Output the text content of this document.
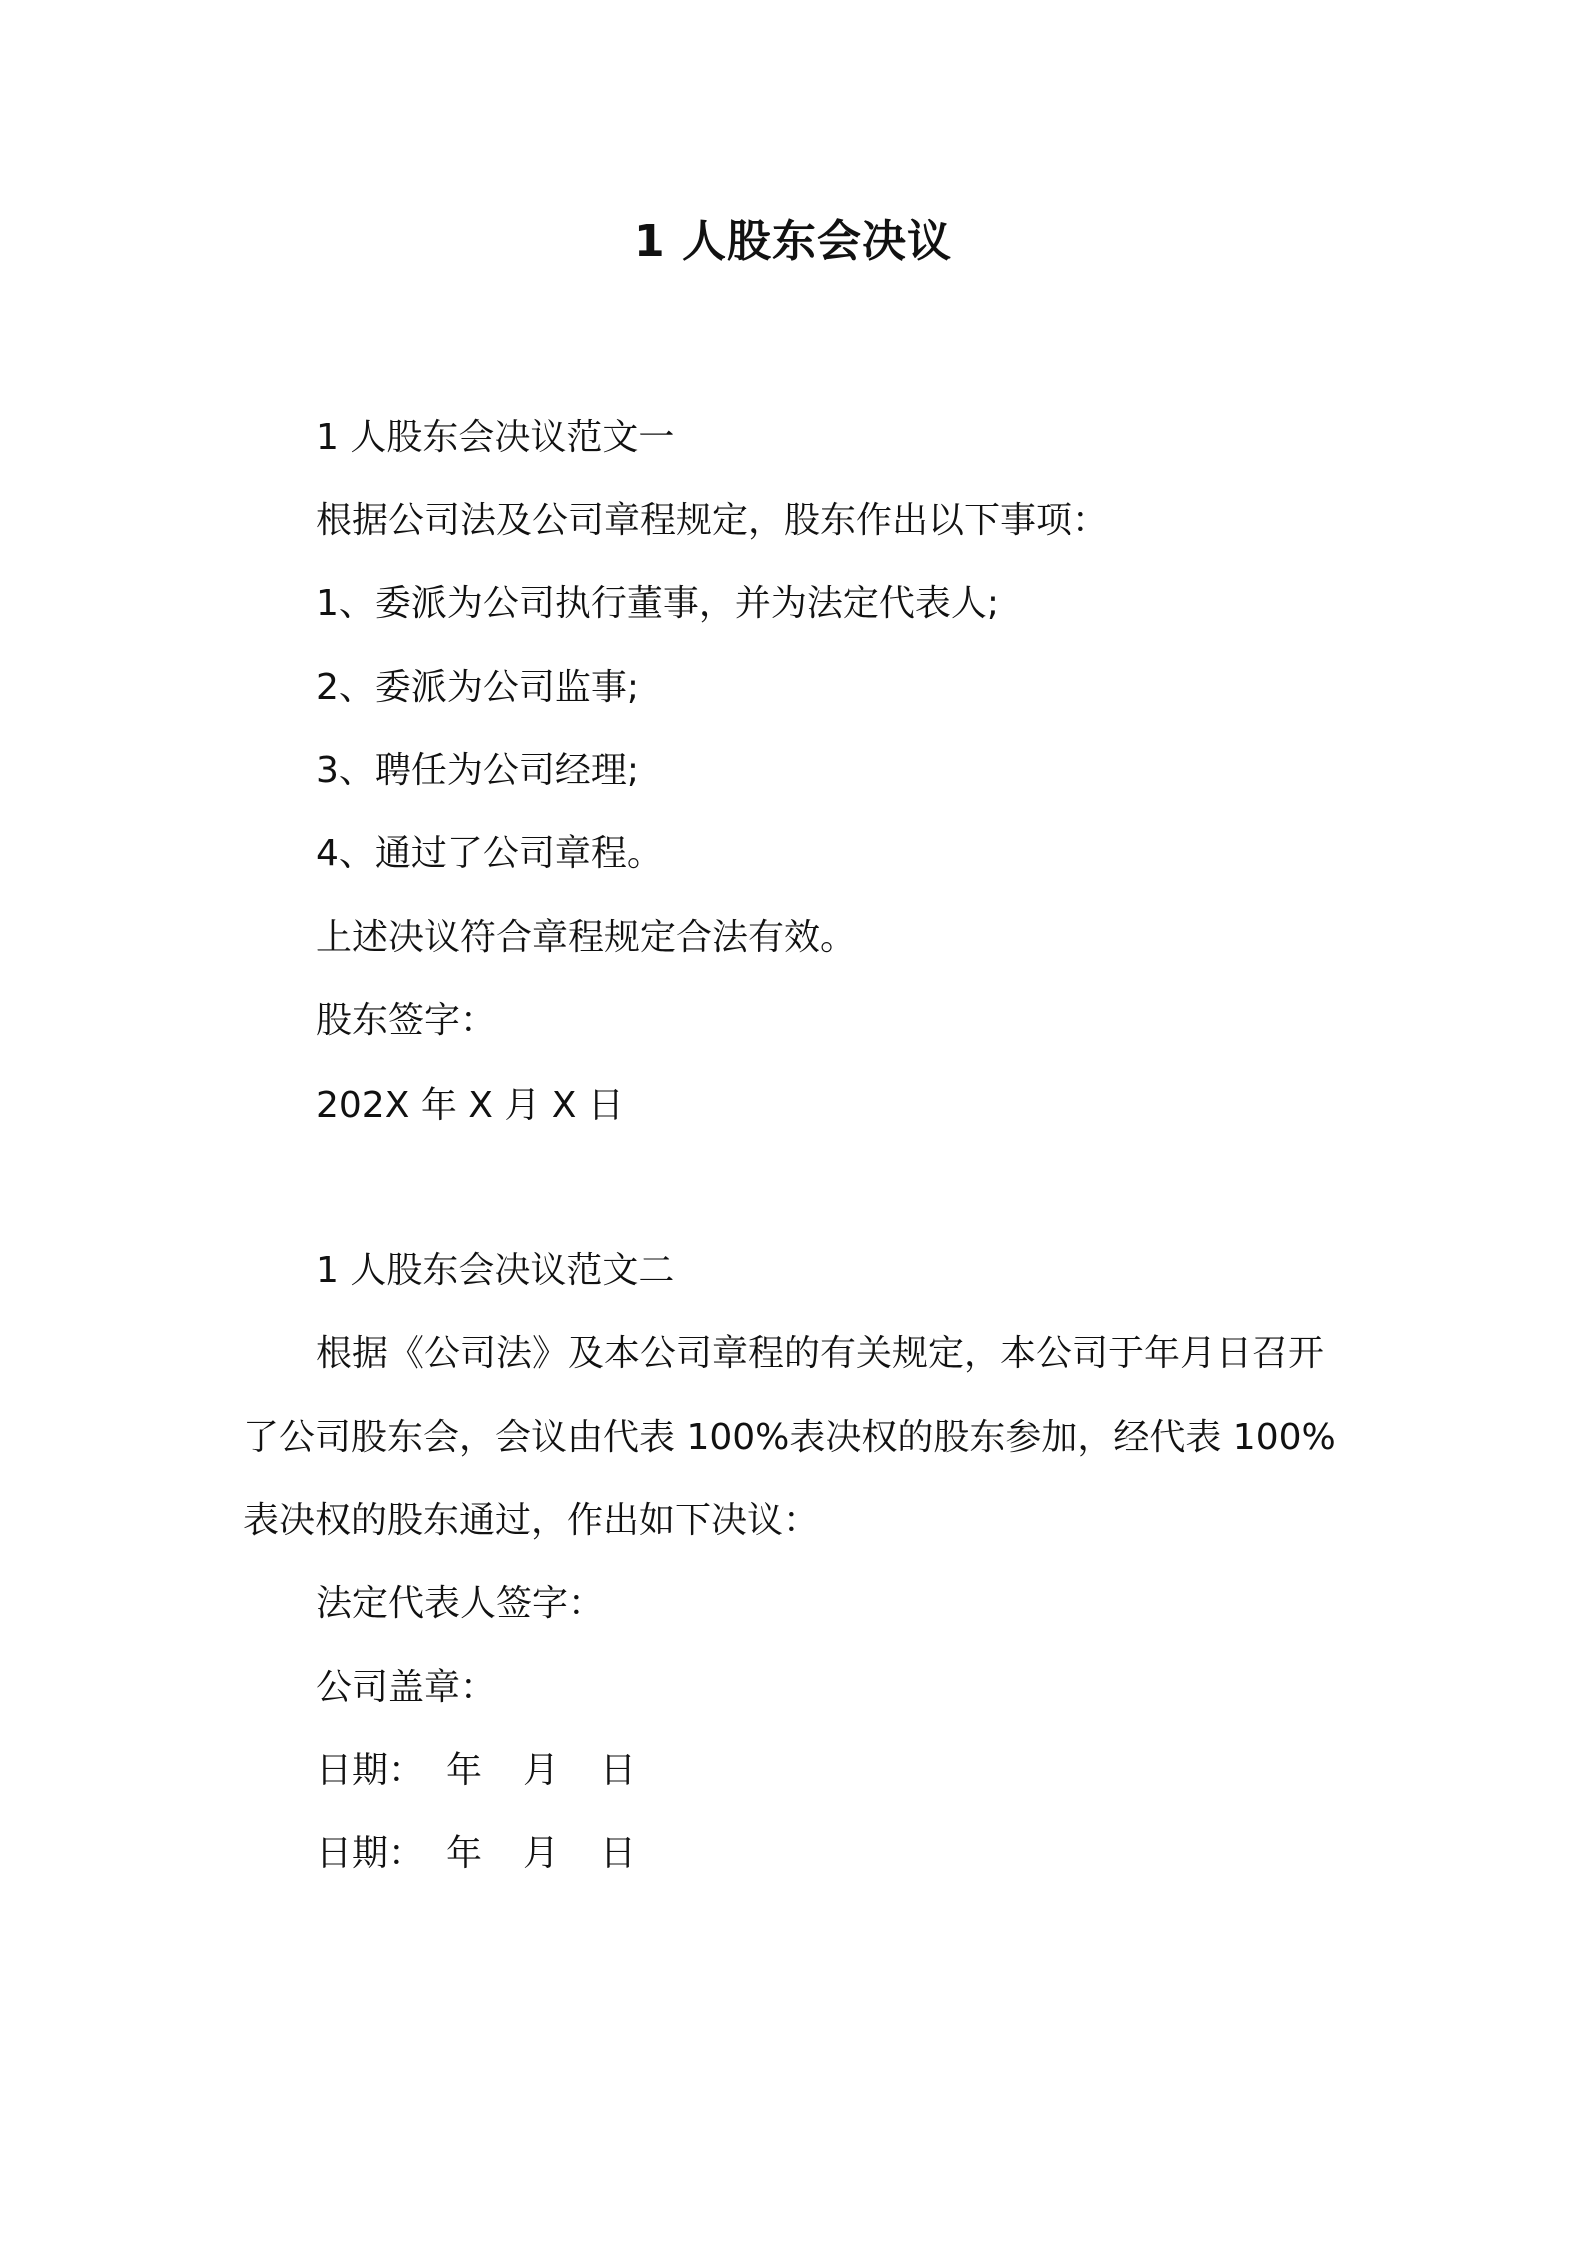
1 人股东会决议

1 人股东会决议范文一

根据公司法及公司章程规定，股东作出以下事项：

1、委派为公司执行董事，并为法定代表人;

2、委派为公司监事;

3、聘任为公司经理;

4、通过了公司章程。

上述决议符合章程规定合法有效。

股东签字：

202X 年 X 月 X 日

1 人股东会决议范文二

根据《公司法》及本公司章程的有关规定，本公司于年月日召开

了公司股东会，会议由代表 100%表决权的股东参加，经代表 100%

表决权的股东通过，作出如下决议：

法定代表人签字：

公司盖章：

日期： 年 月 日

日期： 年 月 日
